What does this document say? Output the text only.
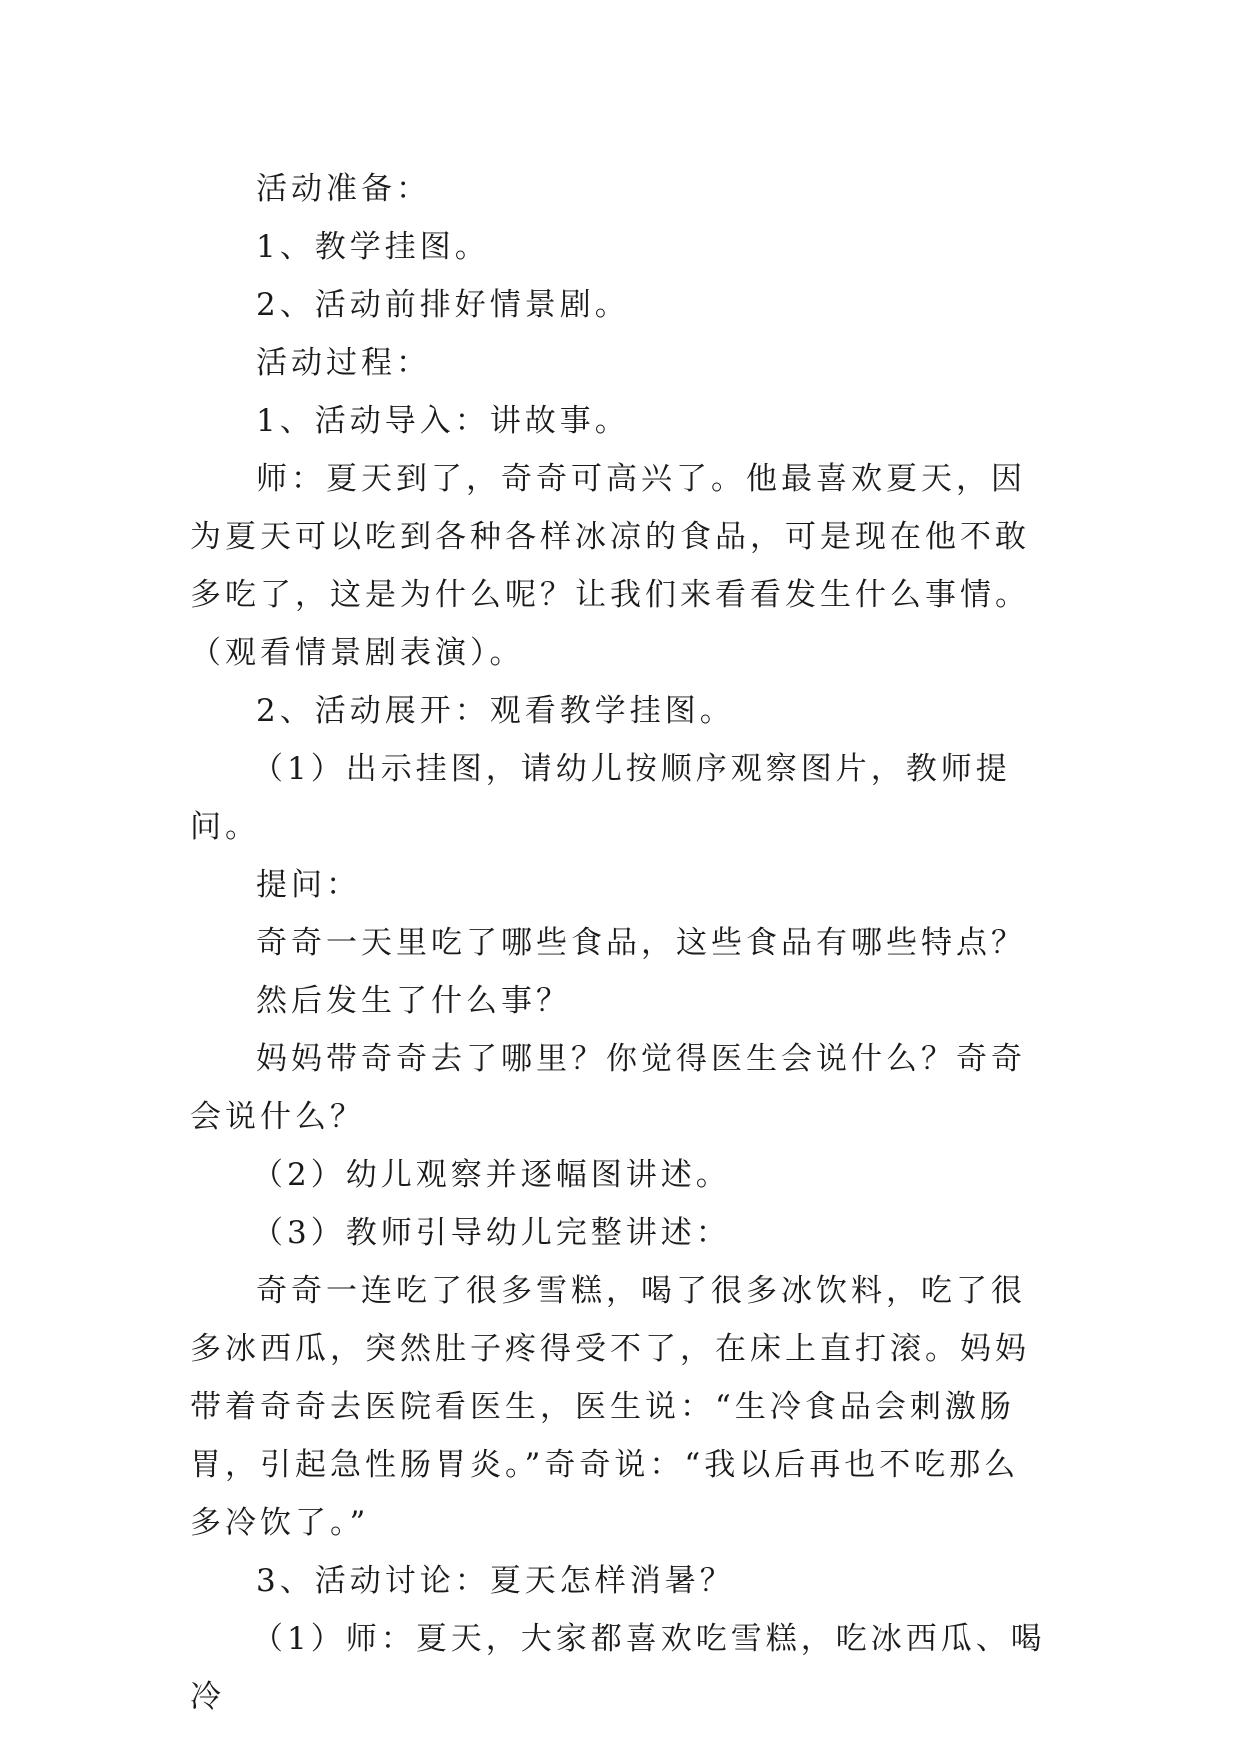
活动准备：

1、教学挂图。

2、活动前排好情景剧。

活动过程：

1、活动导入：讲故事。

师：夏天到了，奇奇可高兴了。他最喜欢夏天，因为夏天可以吃到各种各样冰凉的食品，可是现在他不敢多吃了，这是为什么呢？让我们来看看发生什么事情。（观看情景剧表演）。

2、活动展开：观看教学挂图。

（1）出示挂图，请幼儿按顺序观察图片，教师提问。

提问：

奇奇一天里吃了哪些食品，这些食品有哪些特点？

然后发生了什么事？

妈妈带奇奇去了哪里？你觉得医生会说什么？奇奇会说什么？

（2）幼儿观察并逐幅图讲述。

（3）教师引导幼儿完整讲述：

奇奇一连吃了很多雪糕，喝了很多冰饮料，吃了很多冰西瓜，突然肚子疼得受不了，在床上直打滚。妈妈带着奇奇去医院看医生，医生说：“生冷食品会刺激肠胃，引起急性肠胃炎。”奇奇说：“我以后再也不吃那么多冷饮了。”

3、活动讨论：夏天怎样消暑？

（1）师：夏天，大家都喜欢吃雪糕，吃冰西瓜、喝冷
